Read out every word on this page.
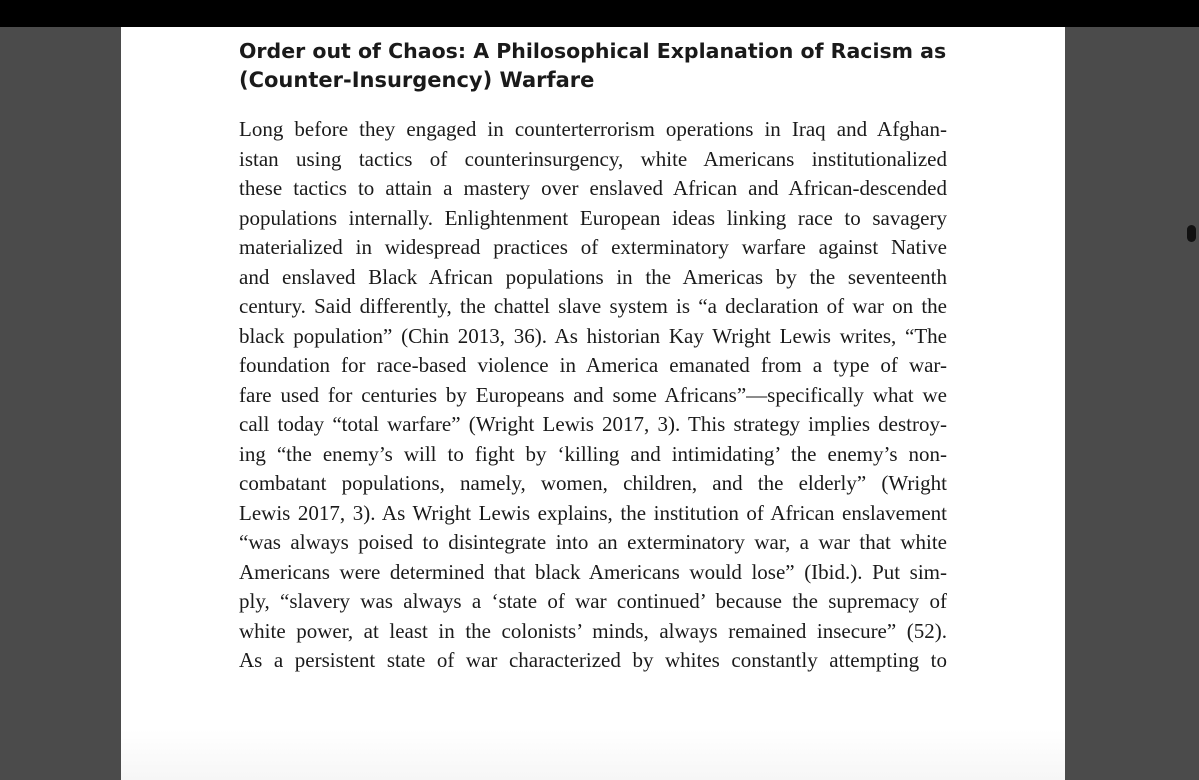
Order out of Chaos: A Philosophical Explanation of Racism as
(Counter-Insurgency) Warfare
Long before they engaged in counterterrorism operations in Iraq and Afghan-
istan using tactics of counterinsurgency, white Americans institutionalized
these tactics to attain a mastery over enslaved African and African-descended
populations internally. Enlightenment European ideas linking race to savagery
materialized in widespread practices of exterminatory warfare against Native
and enslaved Black African populations in the Americas by the seventeenth
century. Said differently, the chattel slave system is “a declaration of war on the
black population” (Chin 2013, 36). As historian Kay Wright Lewis writes, “The
foundation for race-based violence in America emanated from a type of war-
fare used for centuries by Europeans and some Africans”—specifically what we
call today “total warfare” (Wright Lewis 2017, 3). This strategy implies destroy-
ing “the enemy’s will to fight by ‘killing and intimidating’ the enemy’s non-
combatant populations, namely, women, children, and the elderly” (Wright
Lewis 2017, 3). As Wright Lewis explains, the institution of African enslavement
“was always poised to disintegrate into an exterminatory war, a war that white
Americans were determined that black Americans would lose” (Ibid.). Put sim-
ply, “slavery was always a ‘state of war continued’ because the supremacy of
white power, at least in the colonists’ minds, always remained insecure” (52).
As a persistent state of war characterized by whites constantly attempting to
